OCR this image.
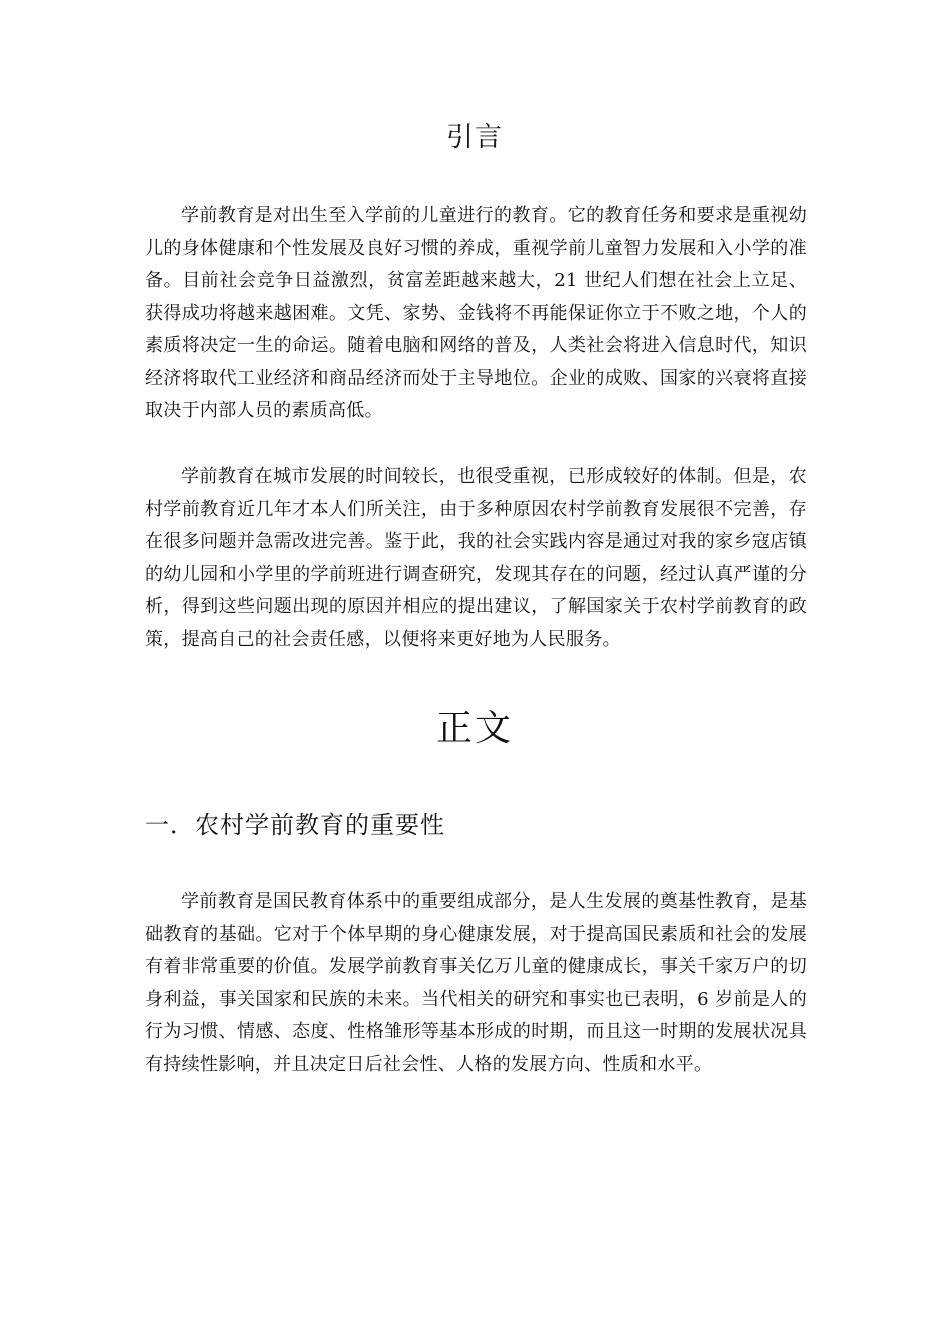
引言

学前教育是对出生至入学前的儿童进行的教育。它的教育任务和要求是重视幼儿的身体健康和个性发展及良好习惯的养成，重视学前儿童智力发展和入小学的准备。目前社会竞争日益激烈，贫富差距越来越大，21 世纪人们想在社会上立足、获得成功将越来越困难。文凭、家势、金钱将不再能保证你立于不败之地，个人的素质将决定一生的命运。随着电脑和网络的普及，人类社会将进入信息时代，知识经济将取代工业经济和商品经济而处于主导地位。企业的成败、国家的兴衰将直接取决于内部人员的素质高低。

学前教育在城市发展的时间较长，也很受重视，已形成较好的体制。但是，农村学前教育近几年才本人们所关注，由于多种原因农村学前教育发展很不完善，存在很多问题并急需改进完善。鉴于此，我的社会实践内容是通过对我的家乡寇店镇的幼儿园和小学里的学前班进行调查研究，发现其存在的问题，经过认真严谨的分析，得到这些问题出现的原因并相应的提出建议，了解国家关于农村学前教育的政策，提高自己的社会责任感，以便将来更好地为人民服务。

正文
一．农村学前教育的重要性

学前教育是国民教育体系中的重要组成部分，是人生发展的奠基性教育，是基础教育的基础。它对于个体早期的身心健康发展，对于提高国民素质和社会的发展有着非常重要的价值。发展学前教育事关亿万儿童的健康成长，事关千家万户的切身利益，事关国家和民族的未来。当代相关的研究和事实也已表明，6 岁前是人的行为习惯、情感、态度、性格雏形等基本形成的时期，而且这一时期的发展状况具有持续性影响，并且决定日后社会性、人格的发展方向、性质和水平。
